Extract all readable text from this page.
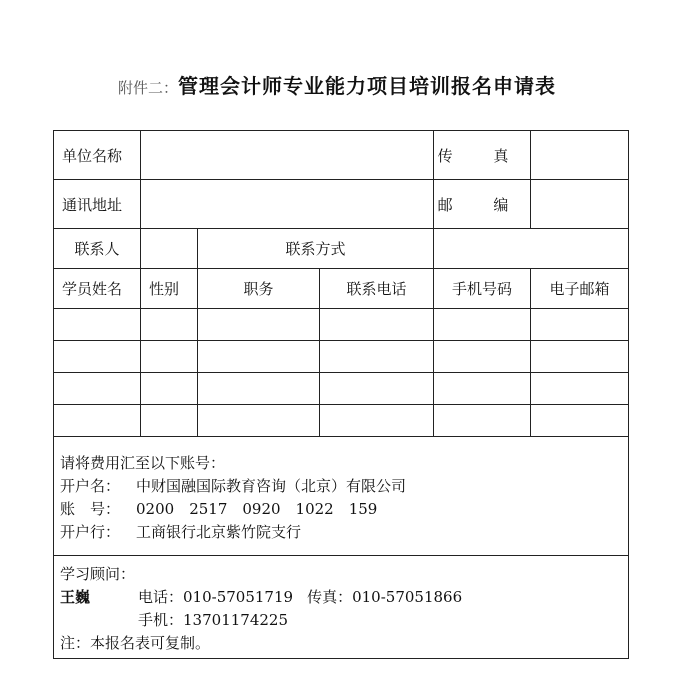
附件二：管理会计师专业能力项目培训报名申请表
单位名称				传 真	
通讯地址				邮 编	
联系人		联系方式			
学员姓名	性别	职务	联系电话	手机号码	电子邮箱

请将费用汇至以下账号：
开户名： 中财国融国际教育咨询（北京）有限公司
账　号： 0200　2517　0920　1022　159
开户行： 工商银行北京紫竹院支行					

学习顾问：
王巍 电话：010-57051719 传真：010-57051866
手机：13701174225
注：本报名表可复制。					
